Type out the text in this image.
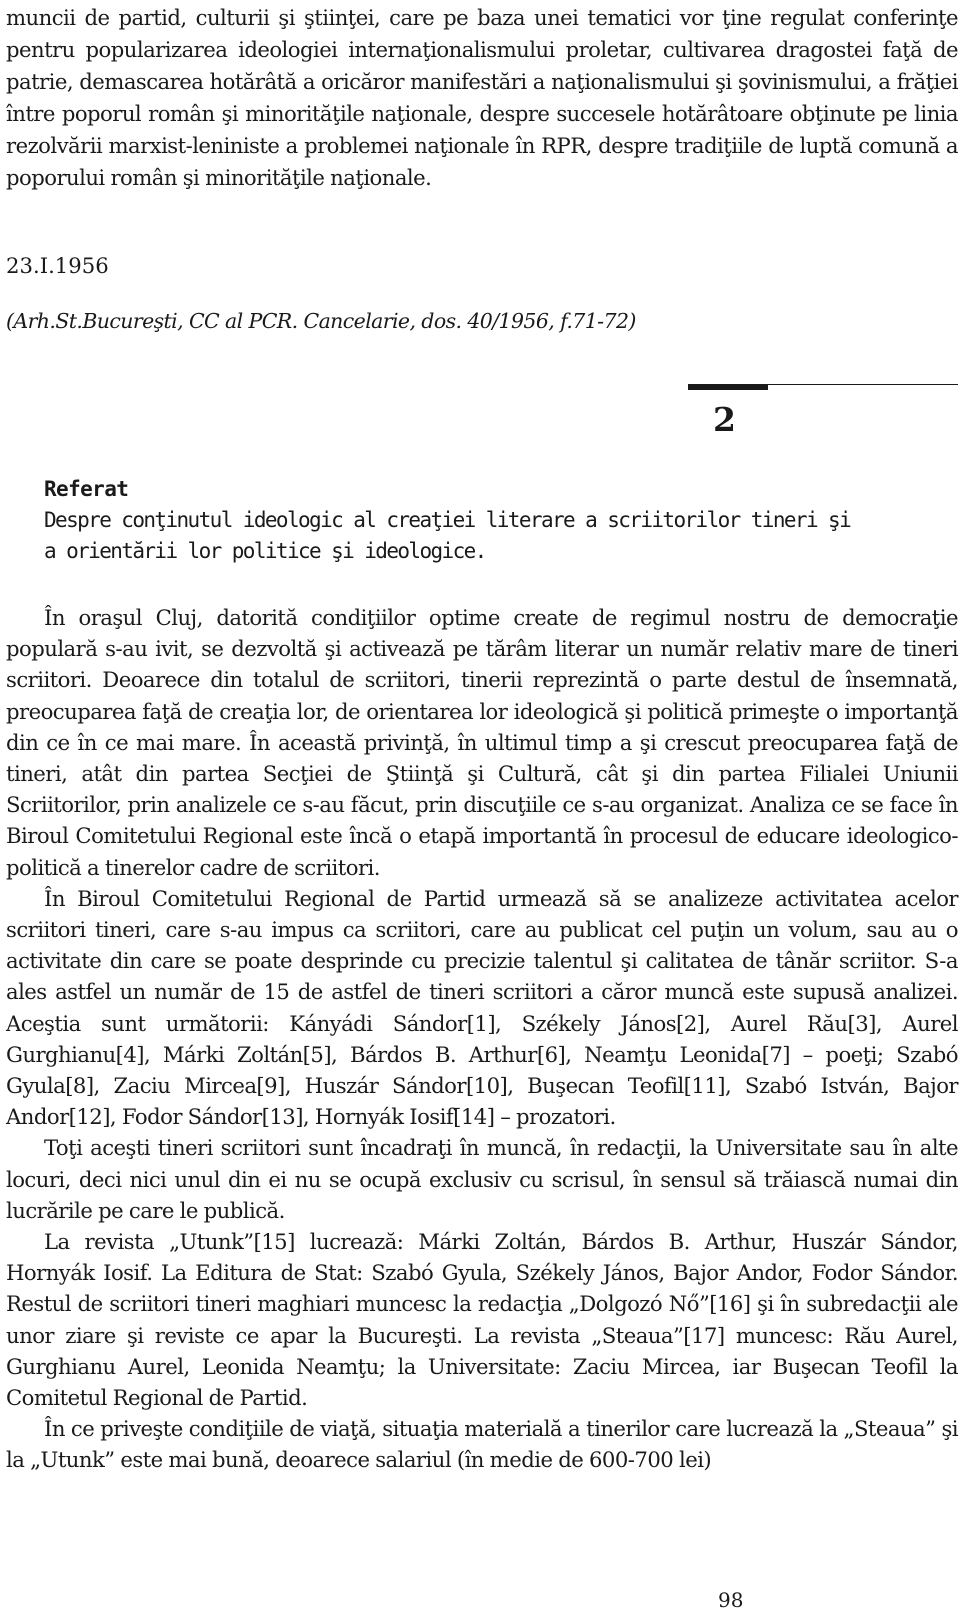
muncii de partid, culturii şi ştiinţei, care pe baza unei tematici vor ţine regulat conferinţe pentru popularizarea ideologiei internaţionalismului proletar, cultivarea dragostei faţă de patrie, demascarea hotărâtă a oricăror manifestări a naţionalismului şi şovinismului, a frăţiei între poporul român şi minorităţile naţionale, despre succesele hotărâtoare obţinute pe linia rezolvării marxist-leniniste a problemei naţionale în RPR, despre tradiţiile de luptă comună a poporului român şi minorităţile naţionale.

23.I.1956
(Arh.St.Bucureşti, CC al PCR. Cancelarie, dos. 40/1956, f.71-72)
2
Referat
Despre conţinutul ideologic al creaţiei literare a scriitorilor tineri şi a orientării lor politice şi ideologice.

În oraşul Cluj, datorită condiţiilor optime create de regimul nostru de democraţie populară s-au ivit, se dezvoltă şi activează pe tărâm literar un număr relativ mare de tineri scriitori. Deoarece din totalul de scriitori, tinerii reprezintă o parte destul de însemnată, preocuparea faţă de creaţia lor, de orientarea lor ideologică şi politică primeşte o importanţă din ce în ce mai mare. În această privinţă, în ultimul timp a şi crescut preocuparea faţă de tineri, atât din partea Secţiei de Ştiinţă şi Cultură, cât şi din partea Filialei Uniunii Scriitorilor, prin analizele ce s-au făcut, prin discuţiile ce s-au organizat. Analiza ce se face în Biroul Comitetului Regional este încă o etapă importantă în procesul de educare ideologico-politică a tinerelor cadre de scriitori.

În Biroul Comitetului Regional de Partid urmează să se analizeze activitatea acelor scriitori tineri, care s-au impus ca scriitori, care au publicat cel puţin un volum, sau au o activitate din care se poate desprinde cu precizie talentul şi calitatea de tânăr scriitor. S-a ales astfel un număr de 15 de astfel de tineri scriitori a căror muncă este supusă analizei. Aceştia sunt următorii: Kányádi Sándor[1], Székely János[2], Aurel Rău[3], Aurel Gurghianu[4], Márki Zoltán[5], Bárdos B. Arthur[6], Neamţu Leonida[7] – poeţi; Szabó Gyula[8], Zaciu Mircea[9], Huszár Sándor[10], Buşecan Teofil[11], Szabó István, Bajor Andor[12], Fodor Sándor[13], Hornyák Iosif[14] – prozatori.

Toţi aceşti tineri scriitori sunt încadraţi în muncă, în redacţii, la Universitate sau în alte locuri, deci nici unul din ei nu se ocupă exclusiv cu scrisul, în sensul să trăiască numai din lucrările pe care le publică.

La revista „Utunk”[15] lucrează: Márki Zoltán, Bárdos B. Arthur, Huszár Sándor, Hornyák Iosif. La Editura de Stat: Szabó Gyula, Székely János, Bajor Andor, Fodor Sándor. Restul de scriitori tineri maghiari muncesc la redacţia „Dolgozó Nő”[16] şi în subredacţii ale unor ziare şi reviste ce apar la Bucureşti. La revista „Steaua”[17] muncesc: Rău Aurel, Gurghianu Aurel, Leonida Neamţu; la Universitate: Zaciu Mircea, iar Buşecan Teofil la Comitetul Regional de Partid.

În ce priveşte condiţiile de viaţă, situaţia materială a tinerilor care lucrează la „Steaua” şi la „Utunk” este mai bună, deoarece salariul (în medie de 600-700 lei)

98
